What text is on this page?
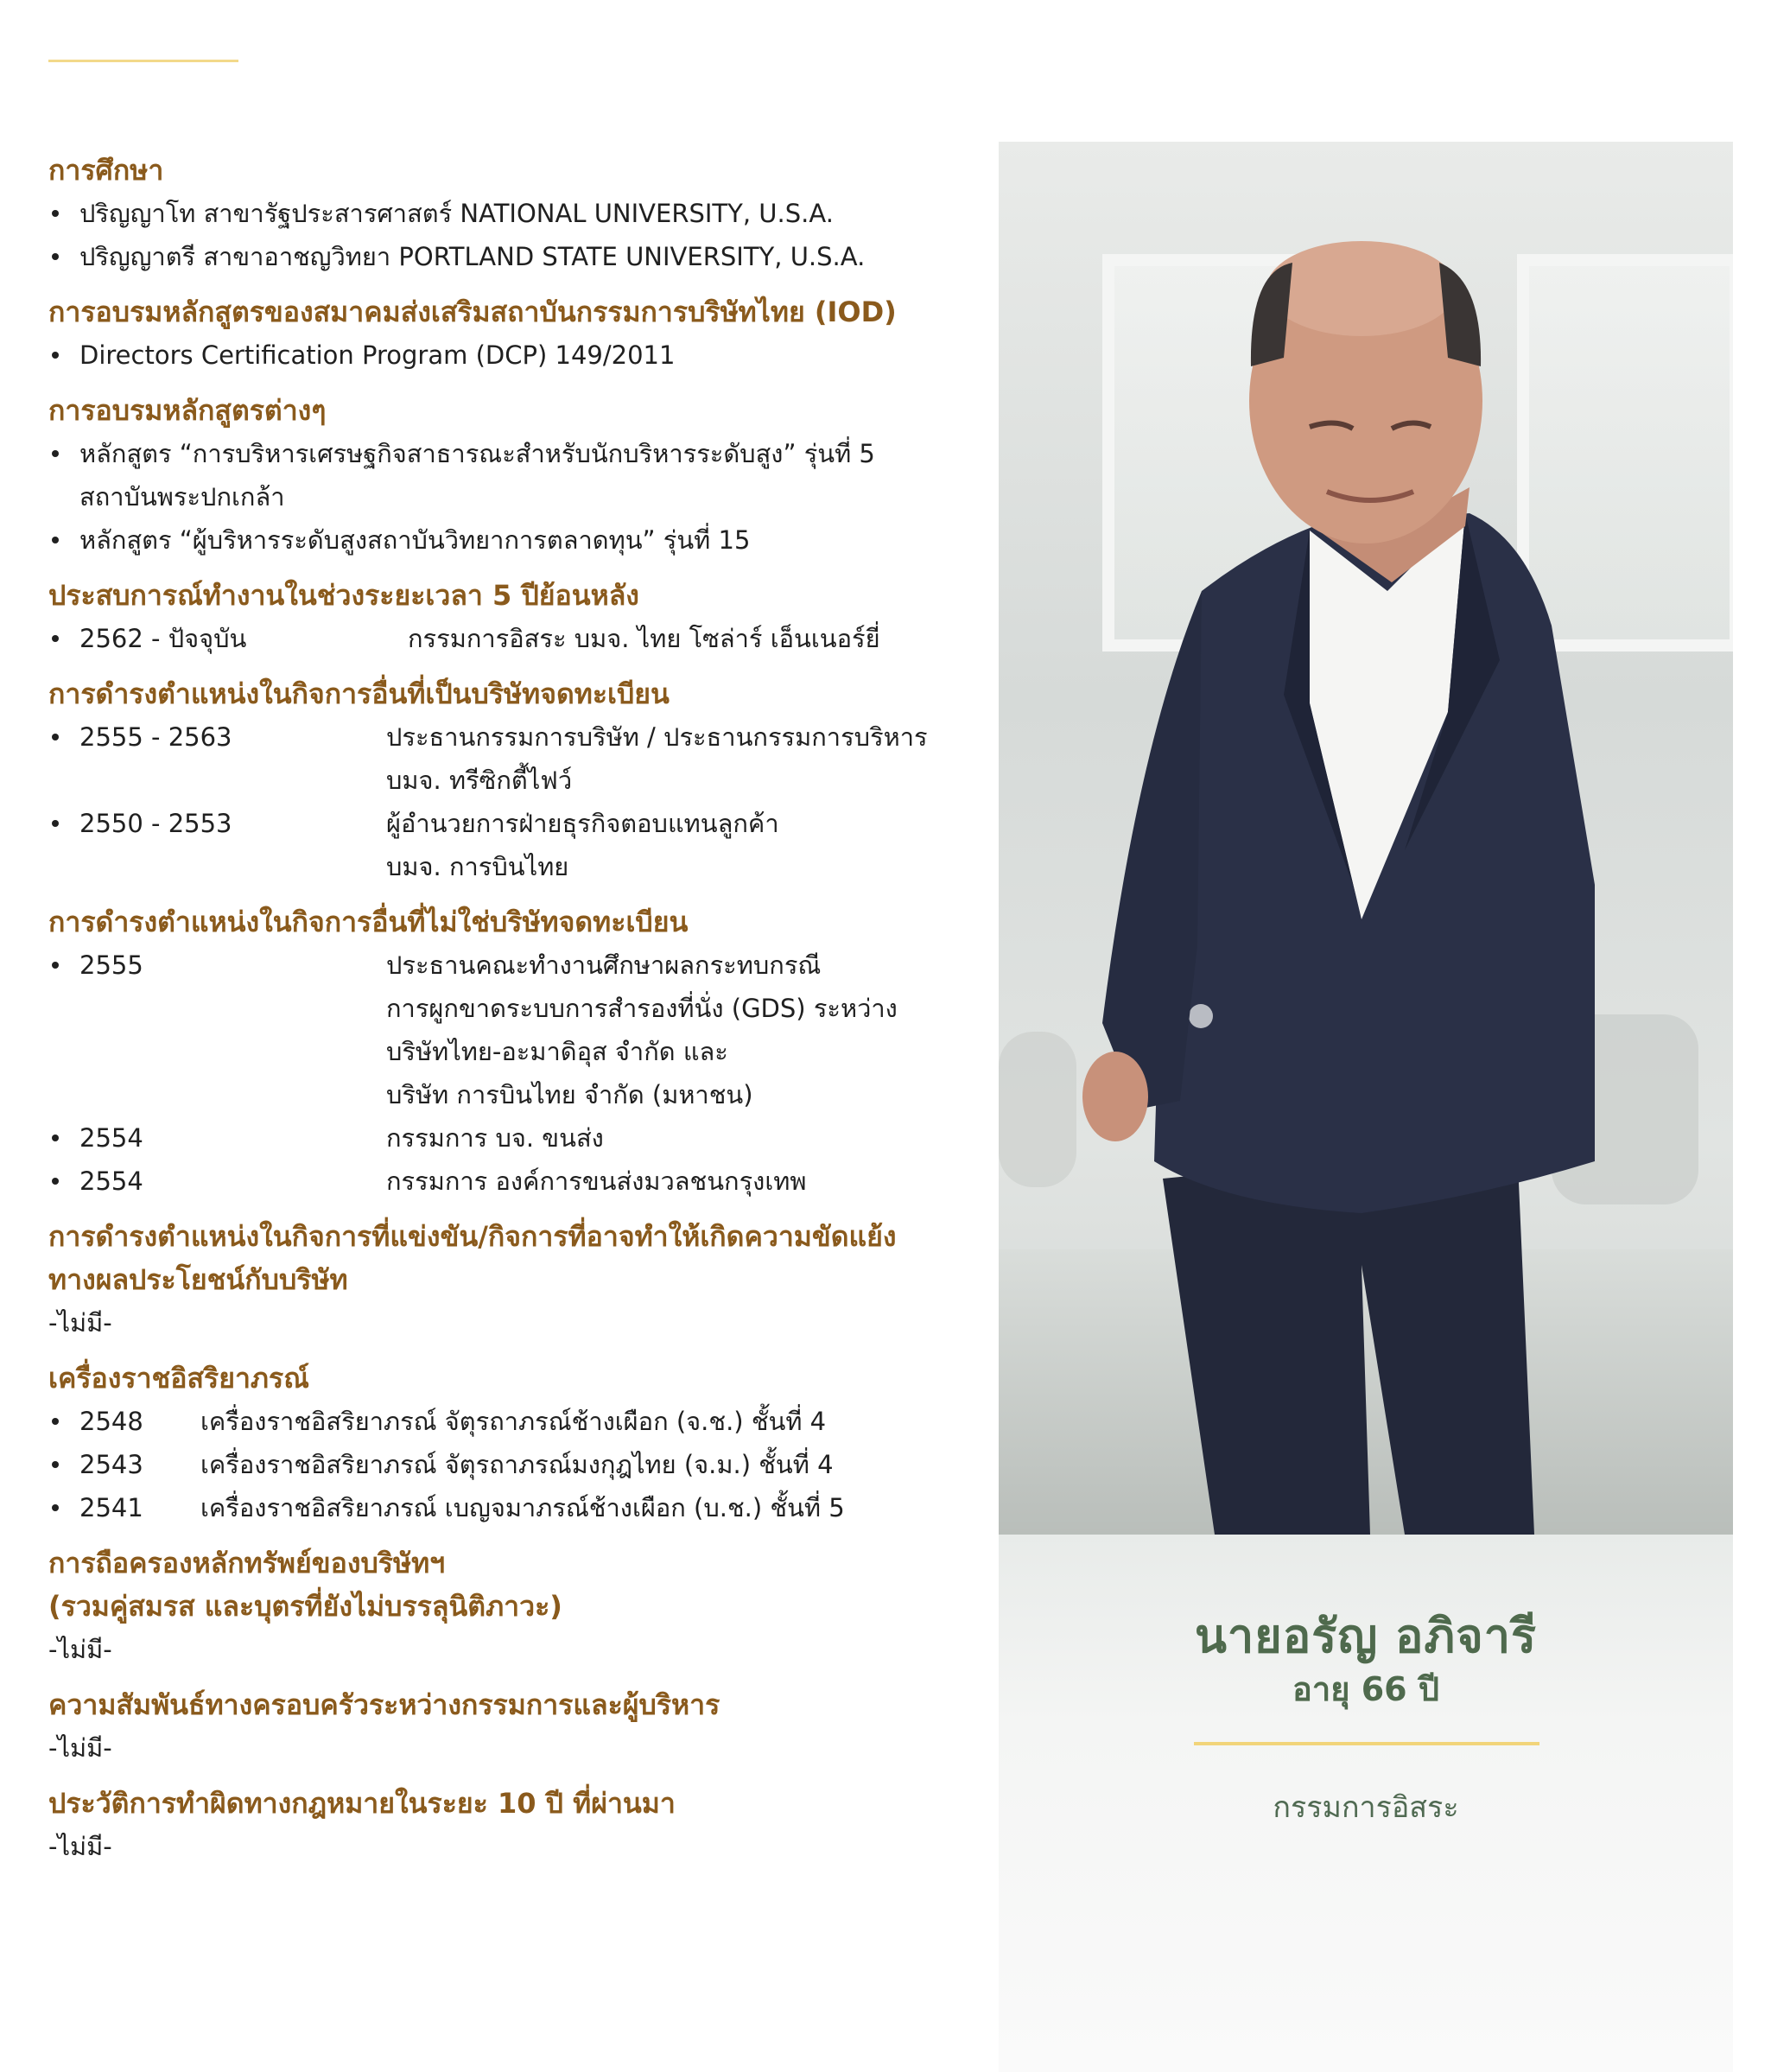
การศึกษา
ปริญญาโท สาขารัฐประสารศาสตร์ NATIONAL UNIVERSITY, U.S.A.
ปริญญาตรี สาขาอาชญวิทยา PORTLAND STATE UNIVERSITY, U.S.A.
การอบรมหลักสูตรของสมาคมส่งเสริมสถาบันกรรมการบริษัทไทย (IOD)
Directors Certification Program (DCP) 149/2011
การอบรมหลักสูตรต่างๆ
หลักสูตร “การบริหารเศรษฐกิจสาธารณะสำหรับนักบริหารระดับสูง” รุ่นที่ 5
สถาบันพระปกเกล้า
หลักสูตร “ผู้บริหารระดับสูงสถาบันวิทยาการตลาดทุน” รุ่นที่ 15
ประสบการณ์ทำงานในช่วงระยะเวลา 5 ปีย้อนหลัง
2562 - ปัจจุบัน	กรรมการอิสระ บมจ. ไทย โซล่าร์ เอ็นเนอร์ยี่
การดำรงตำแหน่งในกิจการอื่นที่เป็นบริษัทจดทะเบียน
2555 - 2563	ประธานกรรมการบริษัท / ประธานกรรมการบริหาร
บมจ. ทรีซิกตี้ไฟว์
2550 - 2553	ผู้อำนวยการฝ่ายธุรกิจตอบแทนลูกค้า
บมจ. การบินไทย
การดำรงตำแหน่งในกิจการอื่นที่ไม่ใช่บริษัทจดทะเบียน
2555	ประธานคณะทำงานศึกษาผลกระทบกรณี
การผูกขาดระบบการสำรองที่นั่ง (GDS) ระหว่าง
บริษัทไทย-อะมาดิอุส จำกัด และ
บริษัท การบินไทย จำกัด (มหาชน)
2554	กรรมการ บจ. ขนส่ง
2554	กรรมการ องค์การขนส่งมวลชนกรุงเทพ
การดำรงตำแหน่งในกิจการที่แข่งขัน/กิจการที่อาจทำให้เกิดความขัดแย้ง
ทางผลประโยชน์กับบริษัท
-ไม่มี-
เครื่องราชอิสริยาภรณ์
2548	เครื่องราชอิสริยาภรณ์ จัตุรถาภรณ์ช้างเผือก (จ.ช.) ชั้นที่ 4
2543	เครื่องราชอิสริยาภรณ์ จัตุรถาภรณ์มงกุฎไทย (จ.ม.) ชั้นที่ 4
2541	เครื่องราชอิสริยาภรณ์ เบญจมาภรณ์ช้างเผือก (บ.ช.) ชั้นที่ 5
การถือครองหลักทรัพย์ของบริษัทฯ
(รวมคู่สมรส และบุตรที่ยังไม่บรรลุนิติภาวะ)
-ไม่มี-
ความสัมพันธ์ทางครอบครัวระหว่างกรรมการและผู้บริหาร
-ไม่มี-
ประวัติการทำผิดทางกฎหมายในระยะ 10 ปี ที่ผ่านมา
-ไม่มี-
นายอรัญ อภิจารี
อายุ 66 ปี
กรรมการอิสระ
